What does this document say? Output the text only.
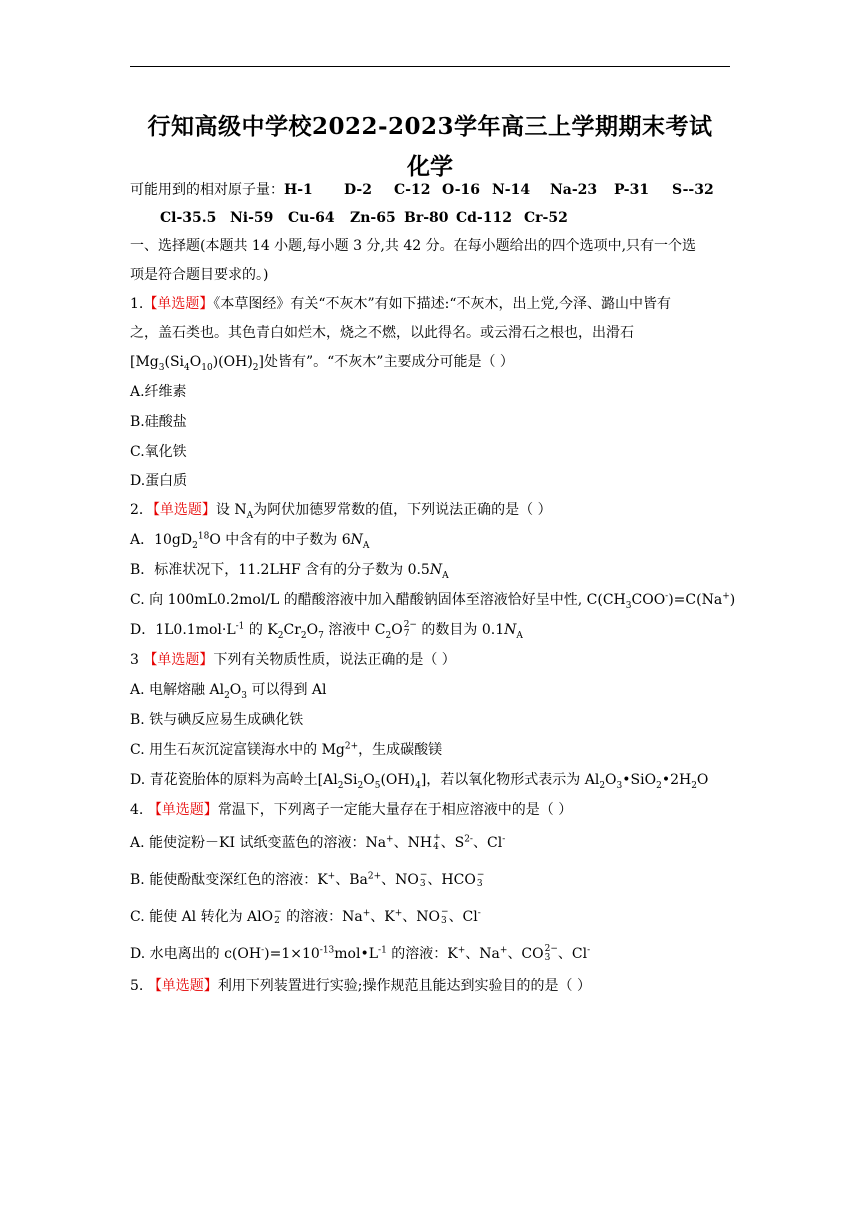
行知高级中学校2022-2023学年高三上学期期末考试
化学
可能用到的相对原子量：H-1 D-2 C-12 O-16 N-14 Na-23 P-31 S--32
Cl-35.5 Ni-59 Cu-64 Zn-65 Br-80 Cd-112 Cr-52
一、选择题(本题共 14 小题,每小题 3 分,共 42 分。在每小题给出的四个选项中,只有一个选
项是符合题目要求的。)
1.【单选题】《本草图经》有关“不灰木”有如下描述:“不灰木，出上党,今泽、潞山中皆有
之，盖石类也。其色青白如烂木，烧之不燃，以此得名。或云滑石之根也，出滑石
$[Mg_3(Si_4O_{10})(OH)_2]$处皆有”。“不灰木”主要成分可能是（ ）
A.纤维素
B.硅酸盐
C.氧化铁
D.蛋白质
2．【单选题】设 $N_A$为阿伏加德罗常数的值，下列说法正确的是（ ）
A．$10gD_2^{18}O$ 中含有的中子数为 $6N_A$
B．标准状况下，11.2LHF 含有的分子数为 $0.5N_A$
C. 向 100mL0.2mol/L 的醋酸溶液中加入醋酸钠固体至溶液恰好呈中性, $C(CH_3COO^-)=C(Na^+)$
D．$1L0.1mol\cdot L^{-1}$ 的 $K_2Cr_2O_7$ 溶液中 $C_2O$ 2−
7 的数目为 $0.1N_A$
3 【单选题】下列有关物质性质，说法正确的是（ ）
A. 电解熔融 $Al_2O_3$ 可以得到 Al
B. 铁与碘反应易生成碘化铁
C. 用生石灰沉淀富镁海水中的 $Mg^{2+}$，生成碳酸镁
D. 青花瓷胎体的原料为高岭土$[Al_2Si_2O_5(OH)_4]$，若以氧化物形式表示为 $Al_2O_3•SiO_2•2H_2O$
4. 【单选题】常温下，下列离子一定能大量存在于相应溶液中的是（ ）
A. 能使淀粉－KI 试纸变蓝色的溶液：Na+、NH +
4 、$S^{2-}$、Cl-
B. 能使酚酞变深红色的溶液：K+、$Ba^{2+}$、NO −
3 、HCO −
3
C. 能使 Al 转化为 AlO −
2 的溶液：Na+、K+、NO −
3 、Cl-
D. 水电离出的 $c(OH^-)=1\times 10^{-13}mol•L^{-1}$ 的溶液：K+、Na+、CO 2−
3 、Cl-
5. 【单选题】利用下列装置进行实验;操作规范且能达到实验目的的是（ ）
